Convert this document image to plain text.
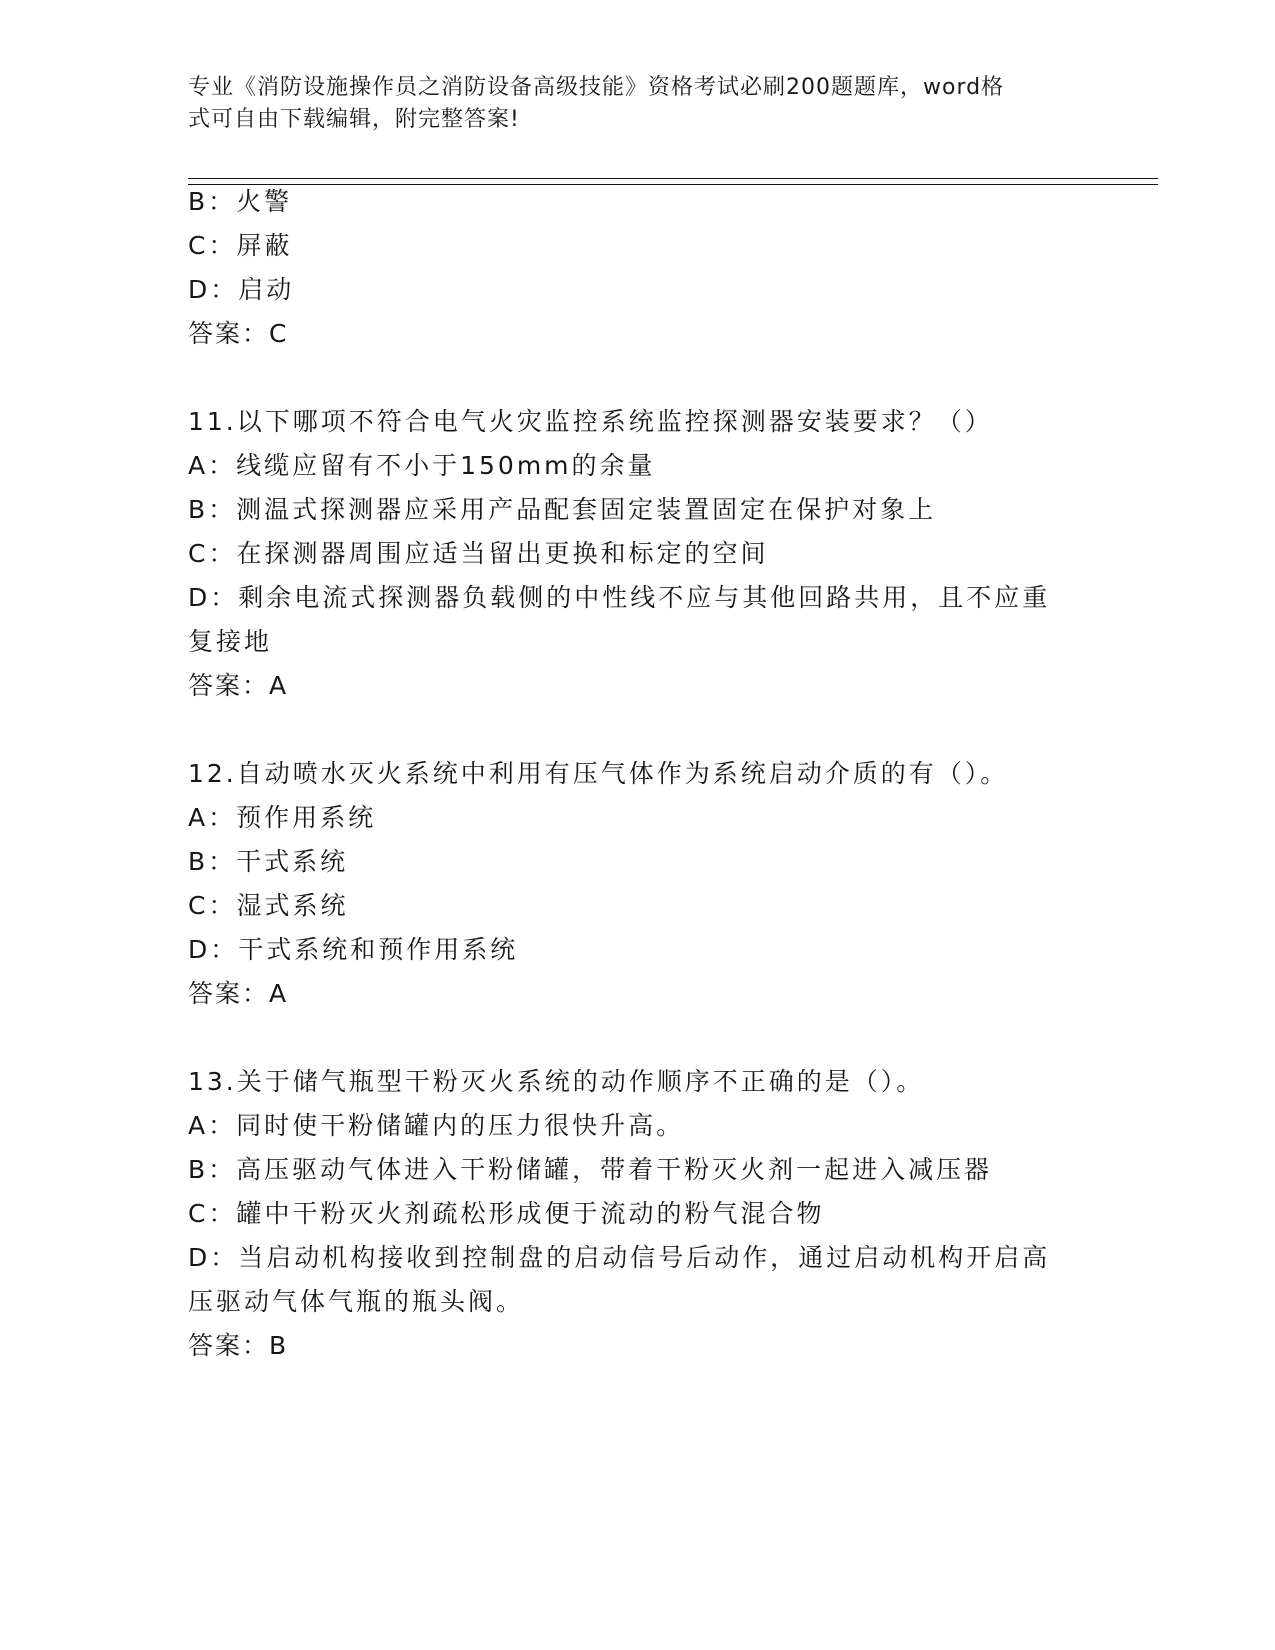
专业《消防设施操作员之消防设备高级技能》资格考试必刷200题题库，word格
式可自由下载编辑，附完整答案!
B：火警
C：屏蔽
D：启动
答案：C
11.以下哪项不符合电气火灾监控系统监控探测器安装要求？（）
A：线缆应留有不小于150mm的余量
B：测温式探测器应采用产品配套固定装置固定在保护对象上
C：在探测器周围应适当留出更换和标定的空间
D：剩余电流式探测器负载侧的中性线不应与其他回路共用，且不应重
复接地
答案：A
12.自动喷水灭火系统中利用有压气体作为系统启动介质的有（）。
A：预作用系统
B：干式系统
C：湿式系统
D：干式系统和预作用系统
答案：A
13.关于储气瓶型干粉灭火系统的动作顺序不正确的是（）。
A：同时使干粉储罐内的压力很快升高。
B：高压驱动气体进入干粉储罐，带着干粉灭火剂一起进入减压器
C：罐中干粉灭火剂疏松形成便于流动的粉气混合物
D：当启动机构接收到控制盘的启动信号后动作，通过启动机构开启高
压驱动气体气瓶的瓶头阀。
答案：B
